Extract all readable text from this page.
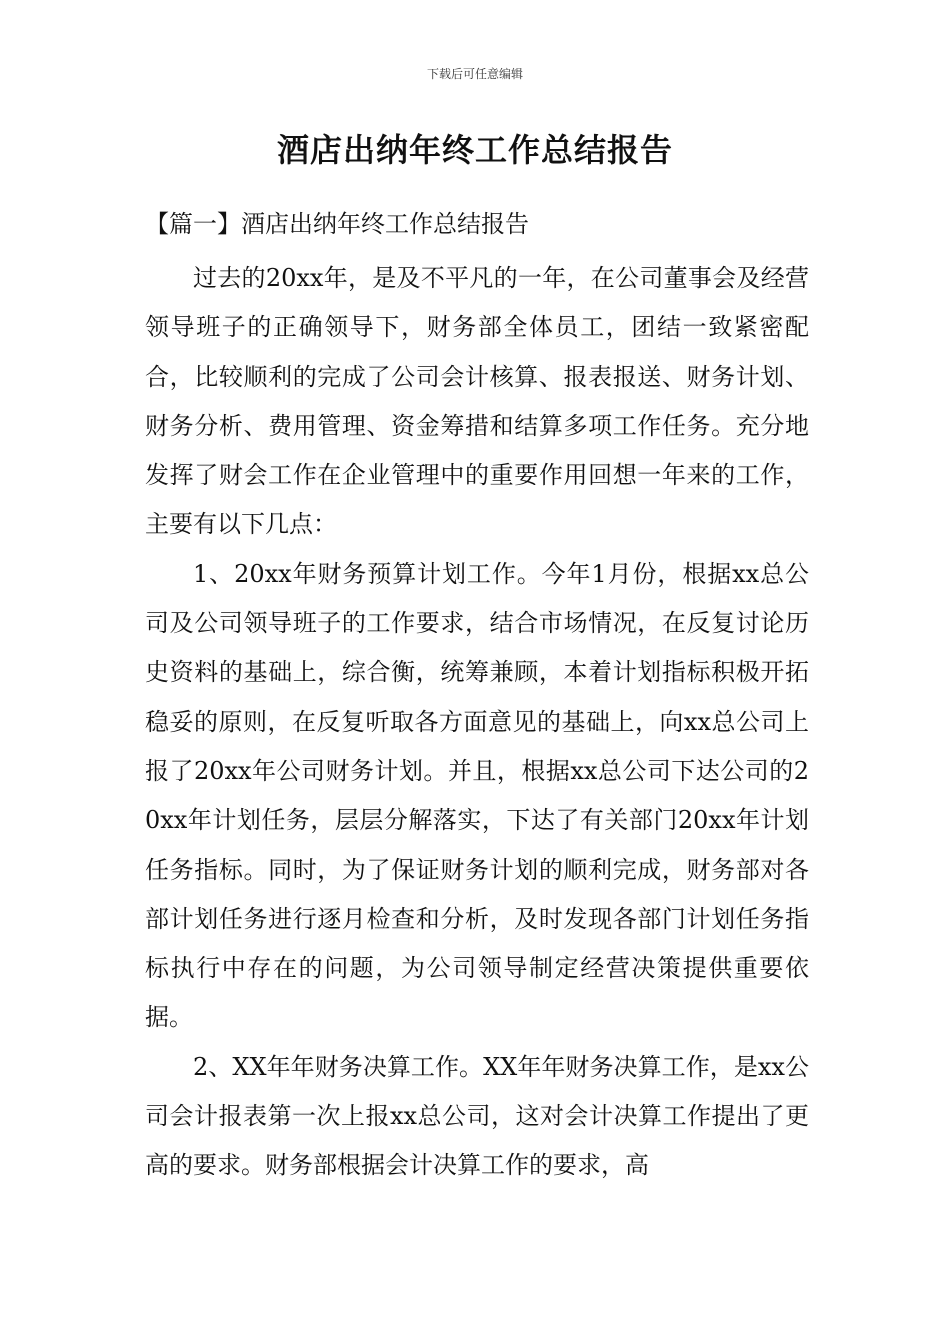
下载后可任意编辑
酒店出纳年终工作总结报告
【篇一】酒店出纳年终工作总结报告

过去的20xx年，是及不平凡的一年，在公司董事会及经营领导班子的正确领导下，财务部全体员工，团结一致紧密配合，比较顺利的完成了公司会计核算、报表报送、财务计划、财务分析、费用管理、资金筹措和结算多项工作任务。充分地发挥了财会工作在企业管理中的重要作用回想一年来的工作，主要有以下几点：

1、20xx年财务预算计划工作。今年1月份，根据xx总公司及公司领导班子的工作要求，结合市场情况，在反复讨论历史资料的基础上，综合衡，统筹兼顾，本着计划指标积极开拓稳妥的原则，在反复听取各方面意见的基础上，向xx总公司上报了20xx年公司财务计划。并且，根据xx总公司下达公司的20xx年计划任务，层层分解落实，下达了有关部门20xx年计划任务指标。同时，为了保证财务计划的顺利完成，财务部对各部计划任务进行逐月检查和分析，及时发现各部门计划任务指标执行中存在的问题，为公司领导制定经营决策提供重要依据。

2、XX年年财务决算工作。XX年年财务决算工作，是xx公司会计报表第一次上报xx总公司，这对会计决算工作提出了更高的要求。财务部根据会计决算工作的要求，高
